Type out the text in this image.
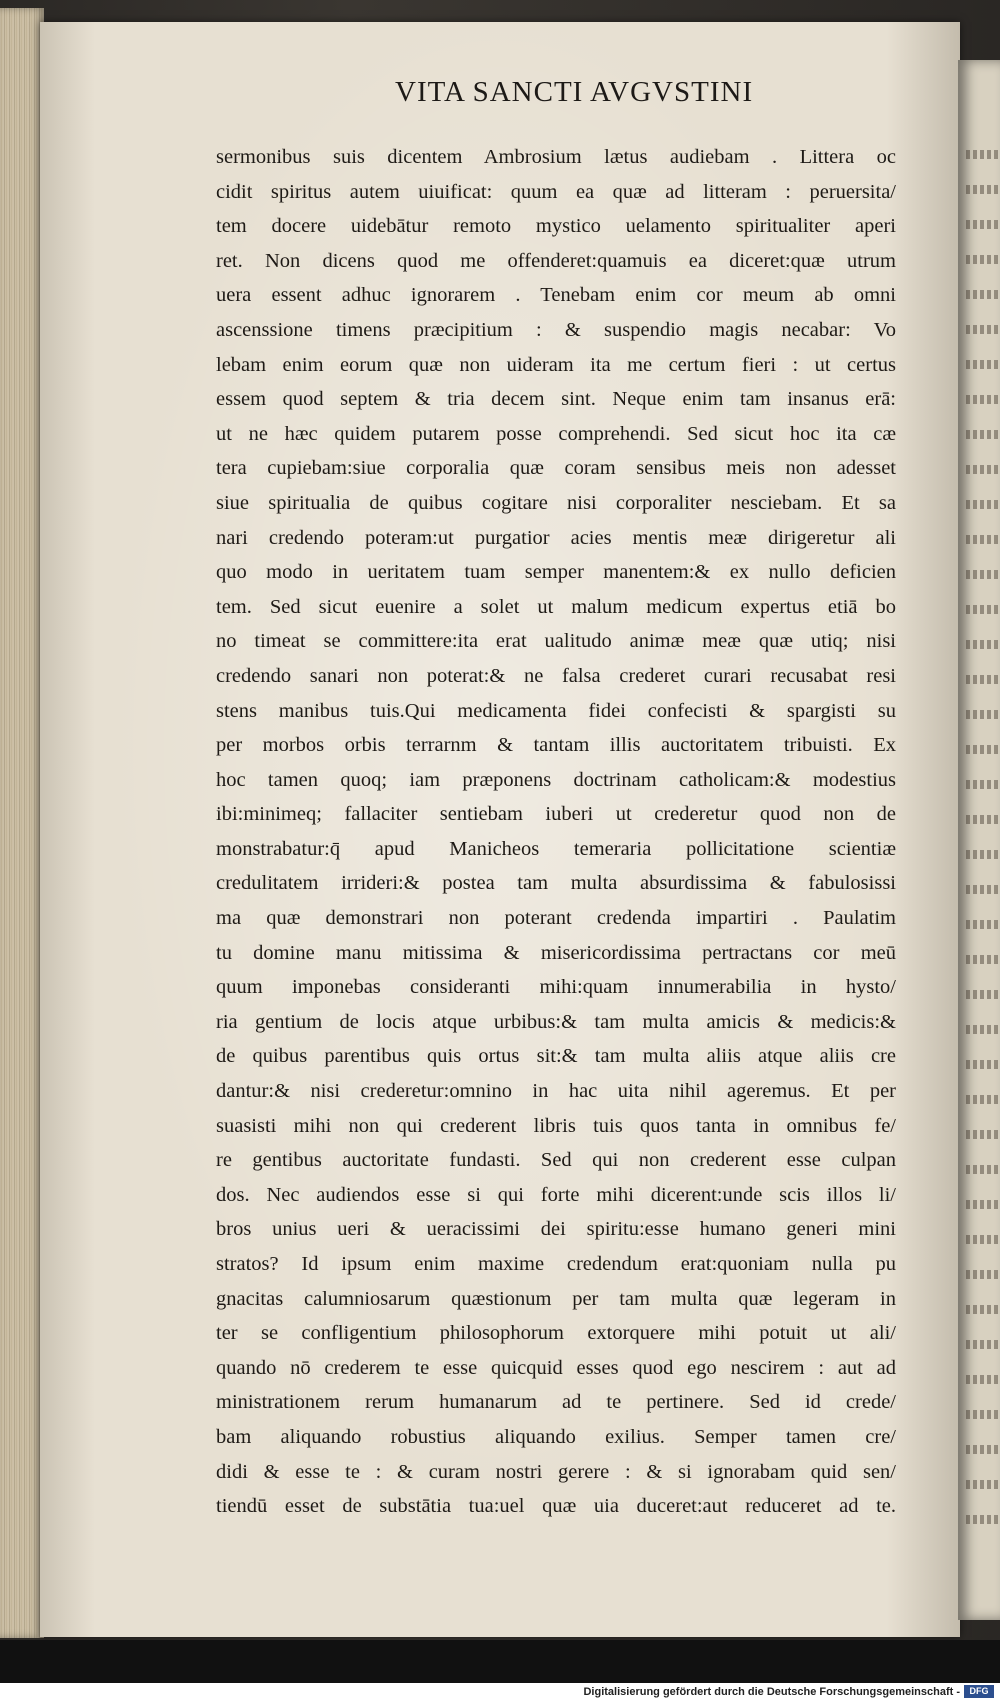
VITA SANCTI AVGVSTINI
sermonibus suis dicentem Ambrosium lætus audiebam . Littera oc
cidit spiritus autem uiuificat: quum ea quæ ad litteram : peruersita/
tem docere uidebātur remoto mystico uelamento spiritualiter aperi
ret. Non dicens quod me offenderet:quamuis ea diceret:quæ utrum
uera essent adhuc ignorarem . Tenebam enim cor meum ab omni
ascenssione timens præcipitium : & suspendio magis necabar: Vo
lebam enim eorum quæ non uideram ita me certum fieri : ut certus
essem quod septem & tria decem sint. Neque enim tam insanus erā:
ut ne hæc quidem putarem posse comprehendi. Sed sicut hoc ita cæ
tera cupiebam:siue corporalia quæ coram sensibus meis non adesset
siue spiritualia de quibus cogitare nisi corporaliter nesciebam. Et sa
nari credendo poteram:ut purgatior acies mentis meæ dirigeretur ali
quo modo in ueritatem tuam semper manentem:& ex nullo deficien
tem. Sed sicut euenire a solet ut malum medicum expertus etiā bo
no timeat se committere:ita erat ualitudo animæ meæ quæ utiq; nisi
credendo sanari non poterat:& ne falsa crederet curari recusabat resi
stens manibus tuis.Qui medicamenta fidei confecisti & spargisti su
per morbos orbis terrarnm & tantam illis auctoritatem tribuisti. Ex
hoc tamen quoq; iam præponens doctrinam catholicam:& modestius
ibi:minimeq; fallaciter sentiebam iuberi ut crederetur quod non de
monstrabatur:q̄ apud Manicheos temeraria pollicitatione scientiæ
credulitatem irrideri:& postea tam multa absurdissima & fabulosissi
ma quæ demonstrari non poterant credenda impartiri . Paulatim
tu domine manu mitissima & misericordissima pertractans cor meū
quum imponebas consideranti mihi:quam innumerabilia in hysto/
ria gentium de locis atque urbibus:& tam multa amicis & medicis:&
de quibus parentibus quis ortus sit:& tam multa aliis atque aliis cre
dantur:& nisi crederetur:omnino in hac uita nihil ageremus. Et per
suasisti mihi non qui crederent libris tuis quos tanta in omnibus fe/
re gentibus auctoritate fundasti. Sed qui non crederent esse culpan
dos. Nec audiendos esse si qui forte mihi dicerent:unde scis illos li/
bros unius ueri & ueracissimi dei spiritu:esse humano generi mini
stratos? Id ipsum enim maxime credendum erat:quoniam nulla pu
gnacitas calumniosarum quæstionum per tam multa quæ legeram in
ter se confligentium philosophorum extorquere mihi potuit ut ali/
quando nō crederem te esse quicquid esses quod ego nescirem : aut ad
ministrationem rerum humanarum ad te pertinere. Sed id crede/
bam aliquando robustius aliquando exilius. Semper tamen cre/
didi & esse te : & curam nostri gerere : & si ignorabam quid sen/
tiendū esset de substātia tua:uel quæ uia duceret:aut reduceret ad te.
Digitalisierung gefördert durch die Deutsche Forschungsgemeinschaft -	DFG
